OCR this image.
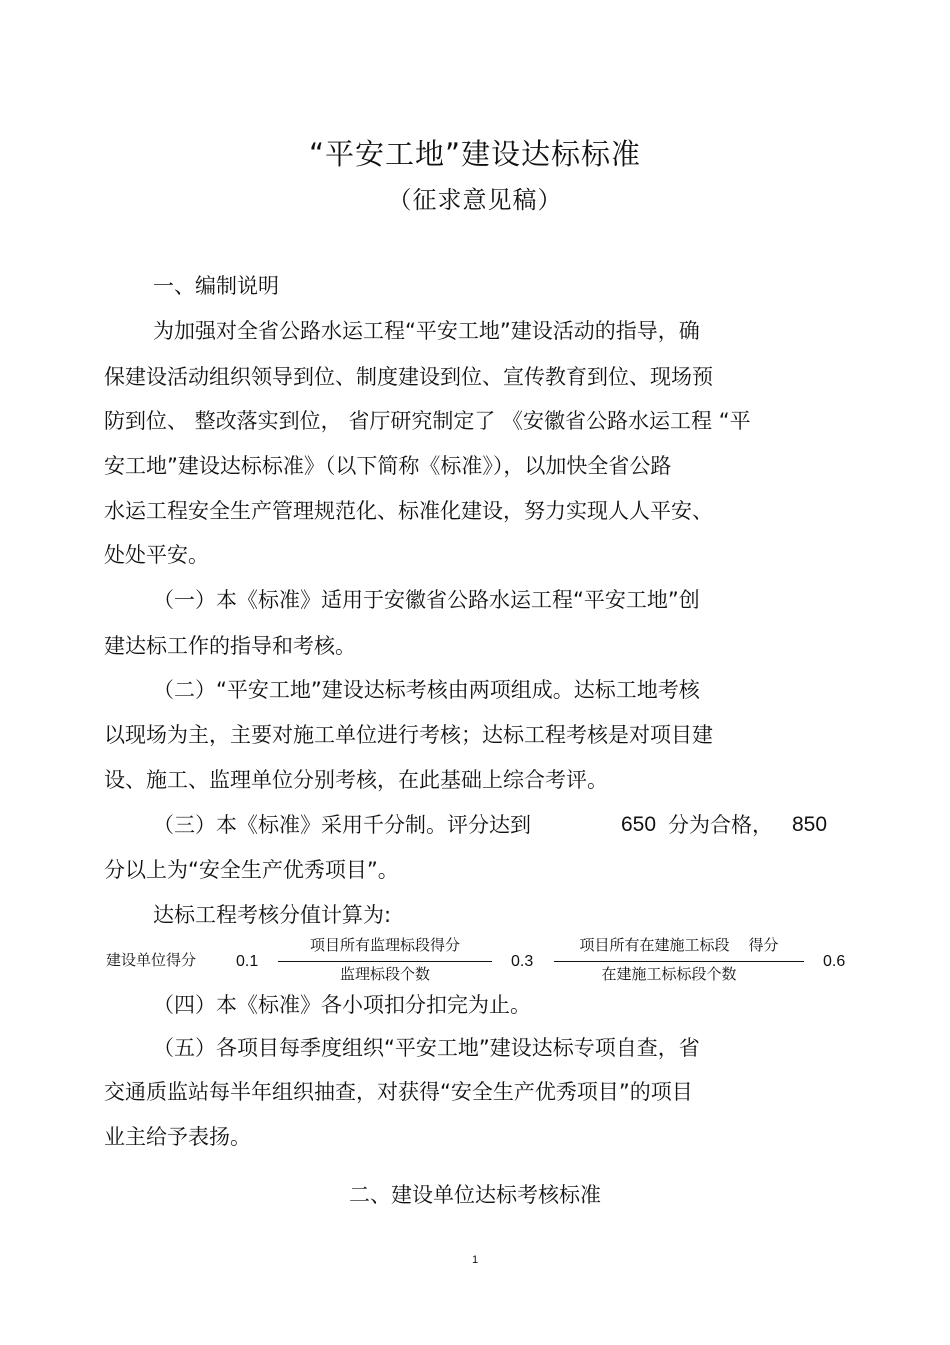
“平安工地”建设达标标准
（征求意见稿）
一、编制说明
为加强对全省公路水运工程“平安工地”建设活动的指导，确
保建设活动组织领导到位、制度建设到位、宣传教育到位、现场预
防到位、 整改落实到位， 省厅研究制定了 《安徽省公路水运工程 “平
安工地”建设达标标准》（以下简称《标准》），以加快全省公路
水运工程安全生产管理规范化、标准化建设，努力实现人人平安、
处处平安。
（一）本《标准》适用于安徽省公路水运工程“平安工地”创
建达标工作的指导和考核。
（二）“平安工地”建设达标考核由两项组成。达标工地考核
以现场为主，主要对施工单位进行考核；达标工程考核是对项目建
设、施工、监理单位分别考核，在此基础上综合考评。
（三）本《标准》采用千分制。评分达到	650 分为合格， 850
分以上为“安全生产优秀项目”。
达标工程考核分值计算为:
建设单位得分 0.1
项目所有监理标段得分
监理标段个数
0.3
项目所有在建施工标段    得分
在建施工标标段个数
0.6
（四）本《标准》各小项扣分扣完为止。
（五）各项目每季度组织“平安工地”建设达标专项自查，省
交通质监站每半年组织抽查，对获得“安全生产优秀项目”的项目
业主给予表扬。
二、建设单位达标考核标准
1
